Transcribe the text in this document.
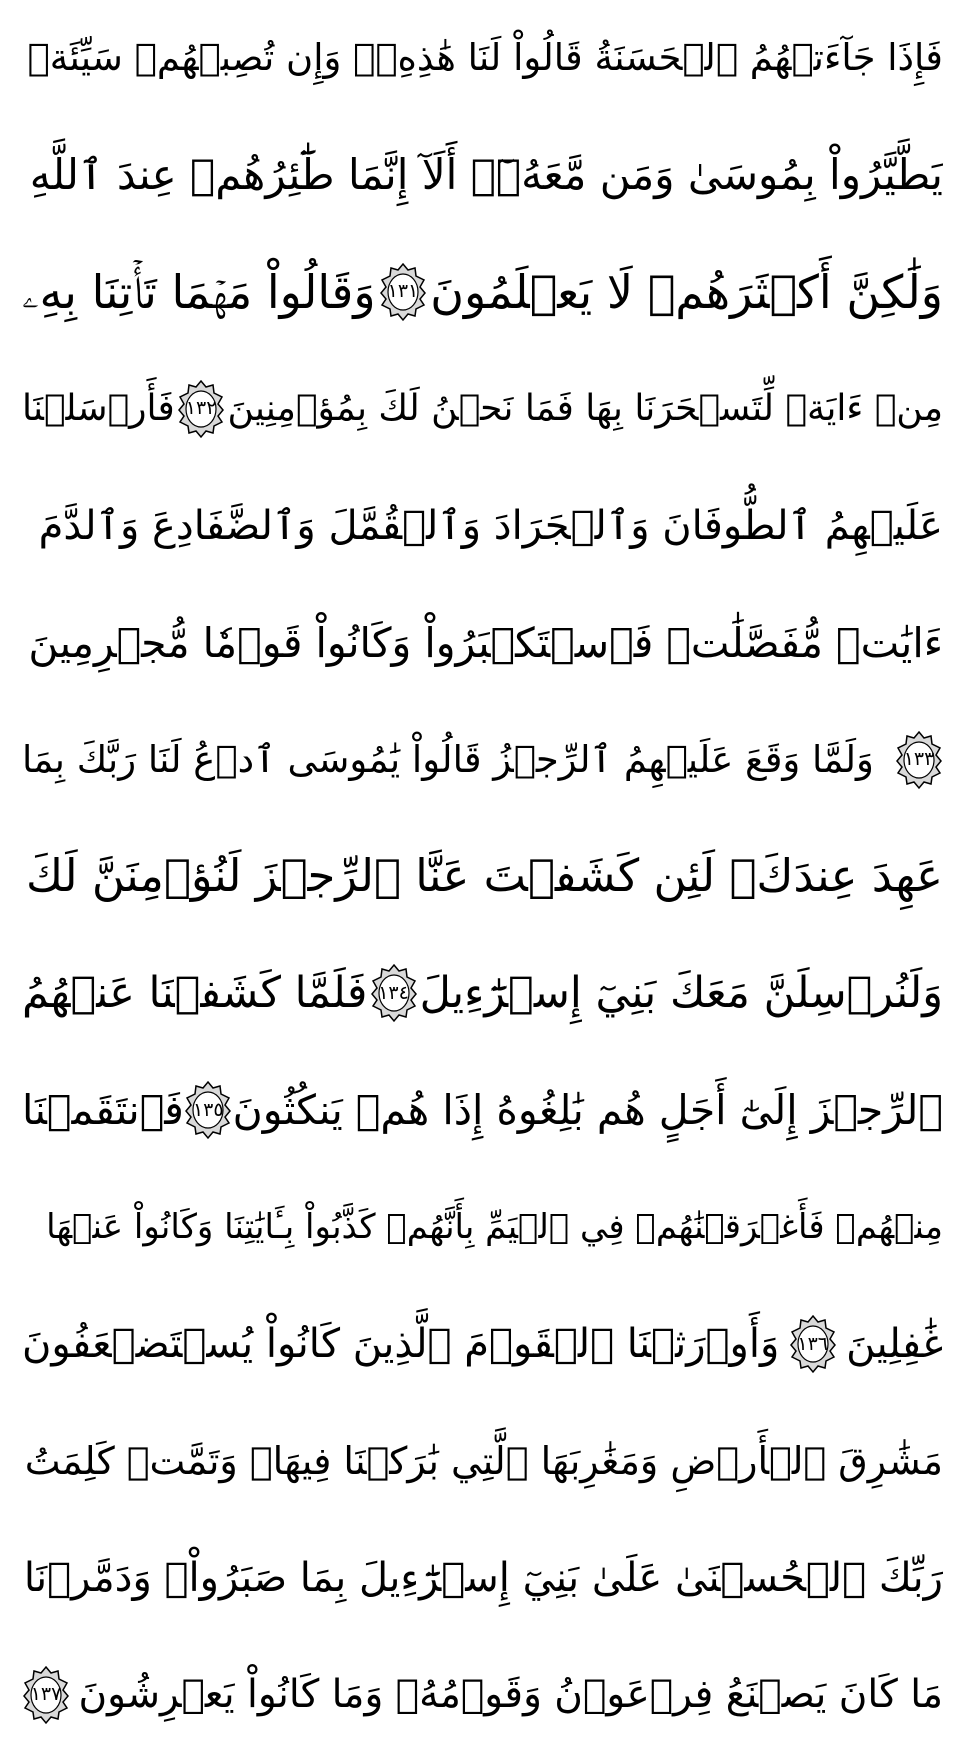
فَإِذَا جَآءَتۡهُمُ ٱلۡحَسَنَةُ قَالُواْ لَنَا هَٰذِهِۦۖ وَإِن تُصِبۡهُمۡ سَيِّئَةٞ
يَطَّيَّرُواْ بِمُوسَىٰ وَمَن مَّعَهُۥٓۗ أَلَآ إِنَّمَا طَٰٓئِرُهُمۡ عِندَ ٱللَّهِ
وَلَٰكِنَّ أَكۡثَرَهُمۡ لَا يَعۡلَمُونَ
١٣١
وَقَالُواْ مَهۡمَا تَأۡتِنَا بِهِۦ
مِنۡ ءَايَةٖ لِّتَسۡحَرَنَا بِهَا فَمَا نَحۡنُ لَكَ بِمُؤۡمِنِينَ
١٣٢
فَأَرۡسَلۡنَا
عَلَيۡهِمُ ٱلطُّوفَانَ وَٱلۡجَرَادَ وَٱلۡقُمَّلَ وَٱلضَّفَادِعَ وَٱلدَّمَ
ءَايَٰتٖ مُّفَصَّلَٰتٖ فَٱسۡتَكۡبَرُواْ وَكَانُواْ قَوۡمٗا مُّجۡرِمِينَ
١٣٣
وَلَمَّا وَقَعَ عَلَيۡهِمُ ٱلرِّجۡزُ قَالُواْ يَٰمُوسَى ٱدۡعُ لَنَا رَبَّكَ بِمَا
عَهِدَ عِندَكَۖ لَئِن كَشَفۡتَ عَنَّا ٱلرِّجۡزَ لَنُؤۡمِنَنَّ لَكَ
وَلَنُرۡسِلَنَّ مَعَكَ بَنِيٓ إِسۡرَٰٓءِيلَ
١٣٤
فَلَمَّا كَشَفۡنَا عَنۡهُمُ
ٱلرِّجۡزَ إِلَىٰٓ أَجَلٍ هُم بَٰلِغُوهُ إِذَا هُمۡ يَنكُثُونَ
١٣٥
فَٱنتَقَمۡنَا
مِنۡهُمۡ فَأَغۡرَقۡنَٰهُمۡ فِي ٱلۡيَمِّ بِأَنَّهُمۡ كَذَّبُواْ بِـَٔايَٰتِنَا وَكَانُواْ عَنۡهَا
غَٰفِلِينَ
١٣٦
وَأَوۡرَثۡنَا ٱلۡقَوۡمَ ٱلَّذِينَ كَانُواْ يُسۡتَضۡعَفُونَ
مَشَٰرِقَ ٱلۡأَرۡضِ وَمَغَٰرِبَهَا ٱلَّتِي بَٰرَكۡنَا فِيهَاۖ وَتَمَّتۡ كَلِمَتُ
رَبِّكَ ٱلۡحُسۡنَىٰ عَلَىٰ بَنِيٓ إِسۡرَٰٓءِيلَ بِمَا صَبَرُواْۖ وَدَمَّرۡنَا
مَا كَانَ يَصۡنَعُ فِرۡعَوۡنُ وَقَوۡمُهُۥ وَمَا كَانُواْ يَعۡرِشُونَ
١٣٧
